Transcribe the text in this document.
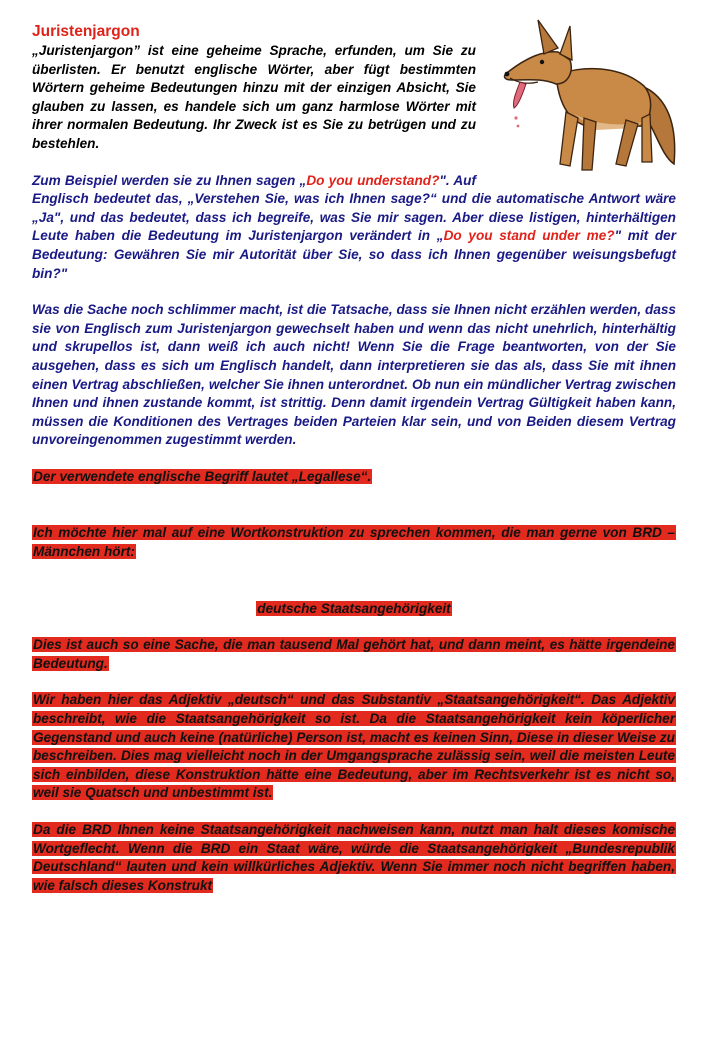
Juristenjargon

„Juristenjargon” ist eine geheime Sprache, erfunden, um Sie zu überlisten. Er benutzt englische Wörter, aber fügt bestimmten Wörtern geheime Bedeutungen hinzu mit der einzigen Absicht, Sie glauben zu lassen, es handele sich um ganz harmlose Wörter mit ihrer normalen Bedeutung. Ihr Zweck ist es Sie zu betrügen und zu bestehlen.

Zum Beispiel werden sie zu Ihnen sagen „Do you understand?". Auf Englisch bedeutet das, „Verstehen Sie, was ich Ihnen sage?“ und die automatische Antwort wäre „Ja", und das bedeutet, dass ich begreife, was Sie mir sagen. Aber diese listigen, hinterhältigen Leute haben die Bedeutung im Juristenjargon verändert in „Do you stand under me?" mit der Bedeutung: Gewähren Sie mir Autorität über Sie, so dass ich Ihnen gegenüber weisungsbefugt bin?"

Was die Sache noch schlimmer macht, ist die Tatsache, dass sie Ihnen nicht erzählen werden, dass sie von Englisch zum Juristenjargon gewechselt haben und wenn das nicht unehrlich, hinterhältig und skrupellos ist, dann weiß ich auch nicht! Wenn Sie die Frage beantworten, von der Sie ausgehen, dass es sich um Englisch handelt, dann interpretieren sie das als, dass Sie mit ihnen einen Vertrag abschließen, welcher Sie ihnen unterordnet. Ob nun ein mündlicher Vertrag zwischen Ihnen und ihnen zustande kommt, ist strittig. Denn damit irgendein Vertrag Gültigkeit haben kann, müssen die Konditionen des Vertrages beiden Parteien klar sein, und von Beiden diesem Vertrag unvoreingenommen zugestimmt werden.

Der verwendete englische Begriff lautet „Legallese“.

Ich möchte hier mal auf eine Wortkonstruktion zu sprechen kommen, die man gerne von BRD – Männchen hört:

deutsche Staatsangehörigkeit

Dies ist auch so eine Sache, die man tausend Mal gehört hat, und dann meint, es hätte irgendeine Bedeutung.

Wir haben hier das Adjektiv „deutsch“ und das Substantiv „Staatsangehörigkeit“. Das Adjektiv beschreibt, wie die Staatsangehörigkeit so ist. Da die Staatsangehörigkeit kein köperlicher Gegenstand und auch keine (natürliche) Person ist, macht es keinen Sinn, Diese in dieser Weise zu beschreiben. Dies mag vielleicht noch in der Umgangsprache zulässig sein, weil die meisten Leute sich einbilden, diese Konstruktion hätte eine Bedeutung, aber im Rechtsverkehr ist es nicht so, weil sie Quatsch und unbestimmt ist.

Da die BRD Ihnen keine Staatsangehörigkeit nachweisen kann, nutzt man halt dieses komische Wortgeflecht. Wenn die BRD ein Staat wäre, würde die Staatsangehörigkeit „Bundesrepublik Deutschland“ lauten und kein willkürliches Adjektiv. Wenn Sie immer noch nicht begriffen haben, wie falsch dieses Konstrukt
